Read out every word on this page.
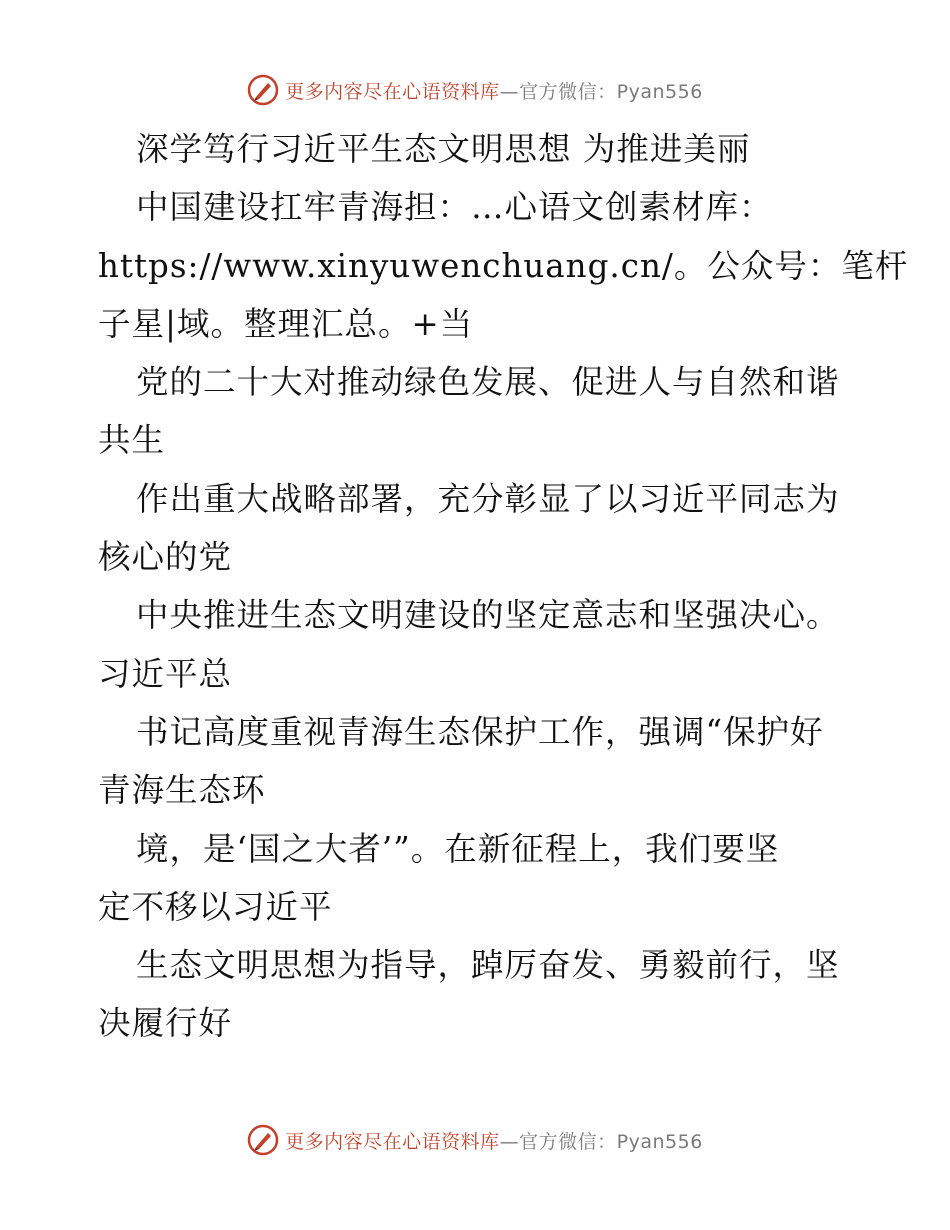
更多内容尽在心语资料库—官方微信：Pyan556
深学笃行习近平生态文明思想 为推进美丽
中国建设扛牢青海担：…心语文创素材库：
https://www.xinyuwenchuang.cn/。公众号：笔杆
子星|域。整理汇总。+当
党的二十大对推动绿色发展、促进人与自然和谐
共生
作出重大战略部署，充分彰显了以习近平同志为
核心的党
中央推进生态文明建设的坚定意志和坚强决心。
习近平总
书记高度重视青海生态保护工作，强调“保护好
青海生态环
境，是‘国之大者’”。在新征程上，我们要坚
定不移以习近平
生态文明思想为指导，踔厉奋发、勇毅前行，坚
决履行好
更多内容尽在心语资料库—官方微信：Pyan556
